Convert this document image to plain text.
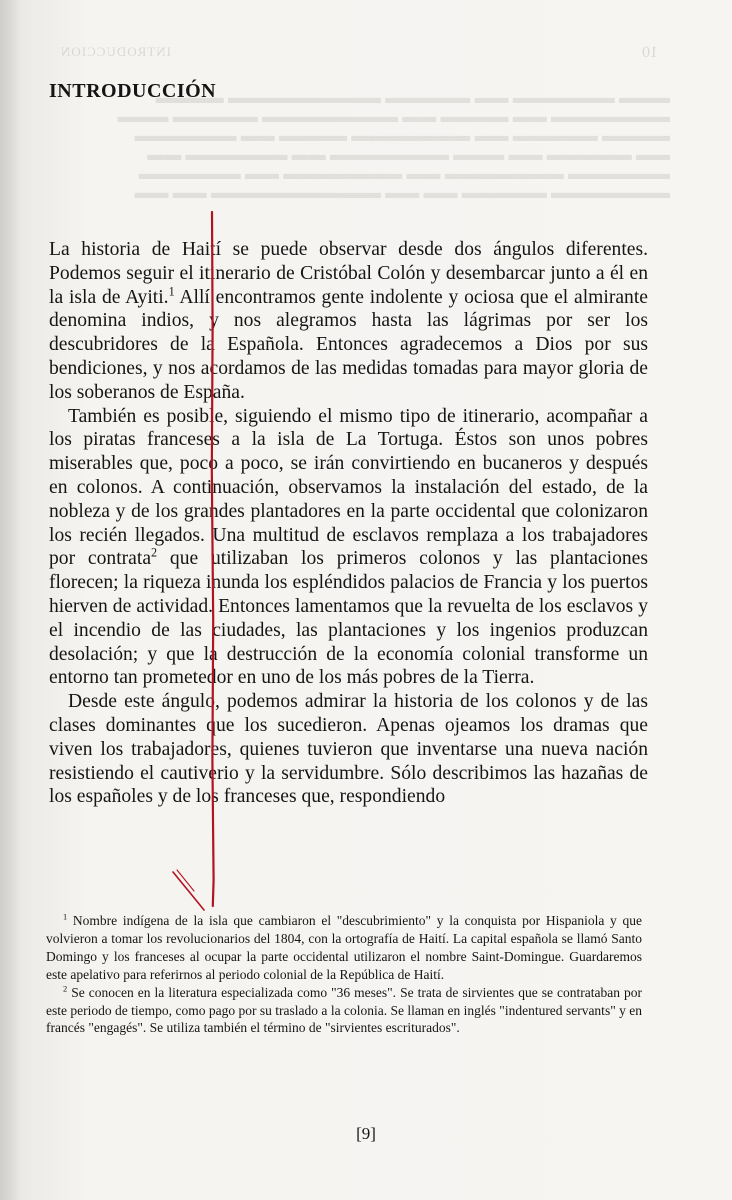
INTRODUCCION	10
▬▬▬ ▬▬▬▬▬▬ ▬▬ ▬▬▬▬▬ ▬▬▬▬▬▬▬▬▬ ▬▬▬▬
▬▬▬▬▬▬▬ ▬▬ ▬▬▬▬ ▬▬ ▬▬▬▬▬▬▬▬ ▬▬▬▬▬ ▬▬▬
▬▬▬▬ ▬▬▬▬▬ ▬▬ ▬▬▬▬▬▬▬ ▬▬▬▬ ▬▬ ▬▬▬▬▬▬
▬▬ ▬▬▬▬▬ ▬▬ ▬▬▬ ▬▬▬▬▬▬▬ ▬▬ ▬▬▬▬▬▬ ▬▬
▬▬▬▬▬▬ ▬▬▬▬▬▬▬ ▬▬ ▬▬▬▬▬▬▬ ▬▬ ▬▬▬▬▬▬
▬▬▬▬▬▬▬ ▬▬▬▬▬ ▬▬ ▬▬ ▬▬▬▬▬▬▬▬▬▬ ▬▬ ▬▬
INTRODUCCIÓN

La historia de Haití se puede observar desde dos ángulos diferentes. Podemos seguir el itinerario de Cristóbal Colón y desembarcar junto a él en la isla de Ayiti.$^1$ Allí encontramos gente indolente y ociosa que el almirante denomina indios, y nos alegramos hasta las lágrimas por ser los descubridores de la Española. Entonces agradecemos a Dios por sus bendiciones, y nos acordamos de las medidas tomadas para mayor gloria de los soberanos de España.

También es posible, siguiendo el mismo tipo de itinerario, acompañar a los piratas franceses a la isla de La Tortuga. Éstos son unos pobres miserables que, poco a poco, se irán convirtiendo en bucaneros y después en colonos. A continuación, observamos la instalación del estado, de la nobleza y de los grandes plantadores en la parte occidental que colonizaron los recién llegados. Una multitud de esclavos remplaza a los trabajadores por contrata$^2$ que utilizaban los primeros colonos y las plantaciones florecen; la riqueza inunda los espléndidos palacios de Francia y los puertos hierven de actividad. Entonces lamentamos que la revuelta de los esclavos y el incendio de las ciudades, las plantaciones y los ingenios produzcan desolación; y que la destrucción de la economía colonial transforme un entorno tan prometedor en uno de los más pobres de la Tierra.

Desde este ángulo, podemos admirar la historia de los colonos y de las clases dominantes que los sucedieron. Apenas ojeamos los dramas que viven los trabajadores, quienes tuvieron que inventarse una nueva nación resistiendo el cautiverio y la servidumbre. Sólo describimos las hazañas de los españoles y de los franceses que, respondiendo

$^1$ Nombre indígena de la isla que cambiaron el "descubrimiento" y la conquista por Hispaniola y que volvieron a tomar los revolucionarios del 1804, con la ortografía de Haití. La capital española se llamó Santo Domingo y los franceses al ocupar la parte occidental utilizaron el nombre Saint-Domingue. Guardaremos este apelativo para referirnos al periodo colonial de la República de Haití.

$^2$ Se conocen en la literatura especializada como "36 meses". Se trata de sirvientes que se contrataban por este periodo de tiempo, como pago por su traslado a la colonia. Se llaman en inglés "indentured servants" y en francés "engagés". Se utiliza también el término de "sirvientes escriturados".

[9]
